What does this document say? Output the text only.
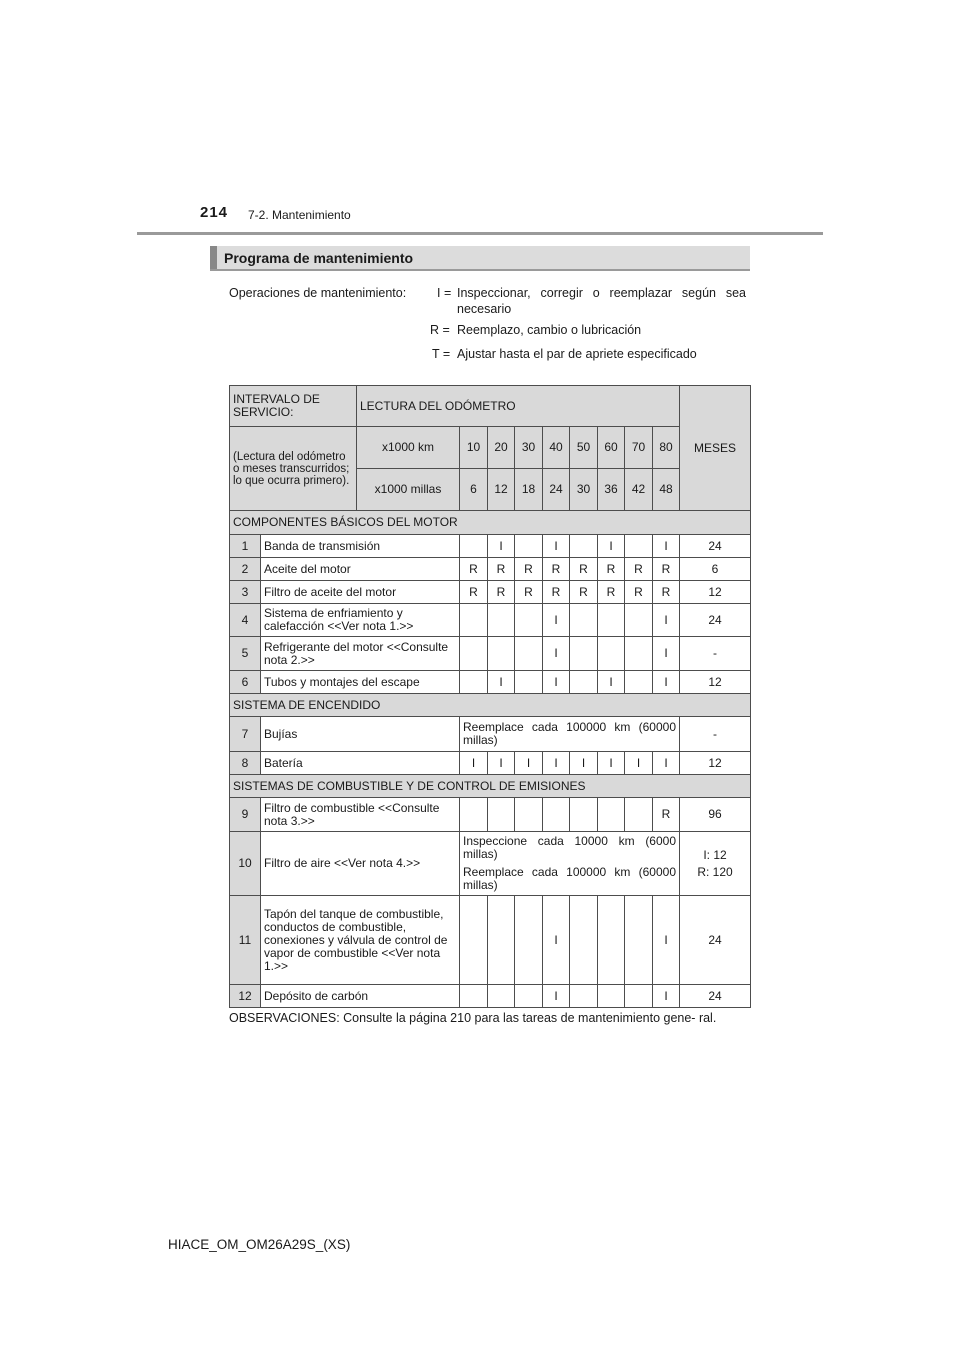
214 7-2. Mantenimiento
Programa de mantenimiento
Operaciones de mantenimiento: I = Inspeccionar, corregir o reemplazar según sea necesario
R = Reemplazo, cambio o lubricación
T = Ajustar hasta el par de apriete especificado
INTERVALO DE SERVICIO:		LECTURA DEL ODÓMETRO									MESES
(Lectura del odómetro o meses transcurridos; lo que ocurra primero).		x1000 km	10	20	30	40	50	60	70	80	
		x1000 millas	6	12	18	24	30	36	42	48	
COMPONENTES BÁSICOS DEL MOTOR											
1	Banda de transmisión			I		I		I		I	24
2	Aceite del motor		R	R	R	R	R	R	R	R	6
3	Filtro de aceite del motor		R	R	R	R	R	R	R	R	12
4	Sistema de enfriamiento y calefacción <<Ver nota 1.>>					I				I	24
5	Refrigerante del motor <<Consulte nota 2.>>					I				I	-
6	Tubos y montajes del escape			I		I		I		I	12
SISTEMA DE ENCENDIDO											
7	Bujías		Reemplace cada 100000 km (60000 millas)								-
8	Batería		I	I	I	I	I	I	I	I	12
SISTEMAS DE COMBUSTIBLE Y DE CONTROL DE EMISIONES											
9	Filtro de combustible <<Consulte nota 3.>>									R	96
10	Filtro de aire <<Ver nota 4.>>		Inspeccione cada 10000 km (6000 millas)								I: 12
			Reemplace cada 100000 km (60000 millas)								R: 120
11	Tapón del tanque de combustible, conductos de combustible, conexiones y válvula de control de vapor de combustible <<Ver nota 1.>>					I				I	24
12	Depósito de carbón					I				I	24
OBSERVACIONES: Consulte la página 210 para las tareas de mantenimiento gene- ral.
HIACE_OM_OM26A29S_(XS)
